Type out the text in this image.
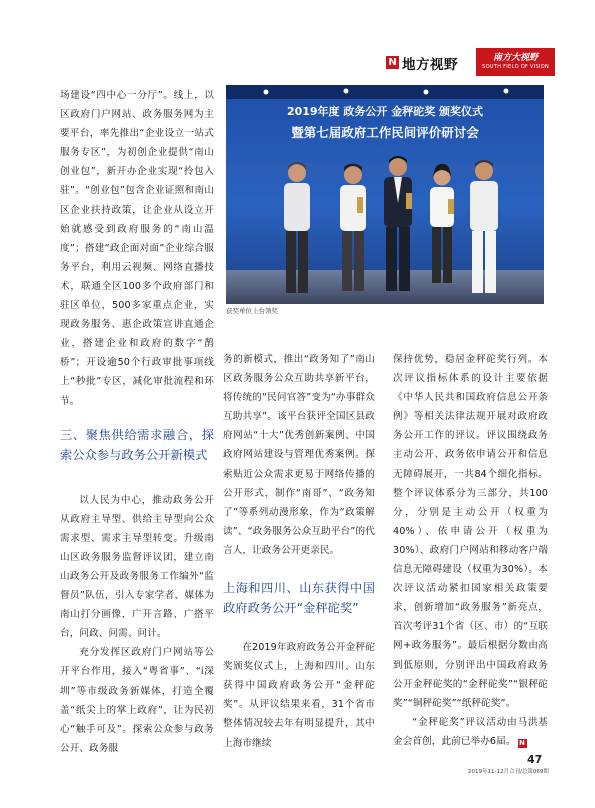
N 地方视野	南方大视野
SOUTH FIELD OF VISION

场建设“四中心一分厅”。线上，以区政府门户网站、政务服务网为主要平台，率先推出“企业设立一站式服务专区”，为初创企业提供“南山创业包”，新开办企业实现“拎包入驻”。“创业包”包含企业证照和南山区企业扶持政策，让企业从设立开始就感受到政府服务的“南山温度”；搭建“政企面对面”企业综合服务平台，利用云视频、网络直播技术，联通全区100多个政府部门和驻区单位，500多家重点企业，实现政务服务、惠企政策宣讲直通企业，搭建企业和政府的数字“鹊桥”；开设逾50个行政审批事项线上“秒批”专区，减化审批流程和环节。

三、聚焦供给需求融合，探索公众参与政务公开新模式

以人民为中心，推动政务公开从政府主导型、供给主导型向公众需求型、需求主导型转变。升级南山区政务服务监督评议团，建立南山政务公开及政务服务工作编外“监督员”队伍，引入专家学者、媒体为南山打分画像，广开言路、广搭平台，问政、问需、问计。

充分发挥区政府门户网站等公开平台作用，接入“粤省事”、“i深圳”等市级政务新媒体，打造全覆盖“纸尖上的掌上政府”，让为民初心“触手可及”。探索公众参与政务公开、政务服

2019年度 政务公开 金秤砣奖 颁奖仪式
暨第七届政府工作民间评价研讨会
获奖单位上台领奖

务的新模式，推出“政务知了”南山区政务服务公众互助共享新平台，将传统的“民问官答”变为“办事群众互助共享”。该平台获评全国区县政府网站“十大”优秀创新案例、中国政府网站建设与管理优秀案例。探索贴近公众需求更易于网络传播的公开形式，制作“南哥”、“政务知了”等系列动漫形象，作为“政策解读”、“政务服务公众互助平台”的代言人，让政务公开更亲民。

上海和四川、山东获得中国政府政务公开“金秤砣奖”

在2019年政府政务公开金秤砣奖颁奖仪式上，上海和四川、山东获得中国政府政务公开“金秤砣奖”。从评议结果来看，31个省市整体情况较去年有明显提升，其中上海市继续

保持优势，稳居金秤砣奖行列。本次评议指标体系的设计主要依据《中华人民共和国政府信息公开条例》等相关法律法规开展对政府政务公开工作的评议。评议围绕政务主动公开、政务依申请公开和信息无障碍展开，一共84个细化指标。整个评议体系分为三部分，共100分，分别是主动公开（权重为40%）、依申请公开（权重为30%）、政府门户网站和移动客户端信息无障碍建设（权重为30%）。本次评议活动紧扣国家相关政策要求，创新增加“政务服务”新亮点，首次考评31个省（区、市）的“互联网+政务服务”。最后根据分数由高到低原则，分别评出中国政府政务公开金秤砣奖的“金秤砣奖”“银秤砣奖”“铜秤砣奖”“纸秤砣奖”。

“金秤砣奖”评议活动由马洪基金会首创，此前已举办6届。 N

47
2019年11-12月合刊/总第069期
